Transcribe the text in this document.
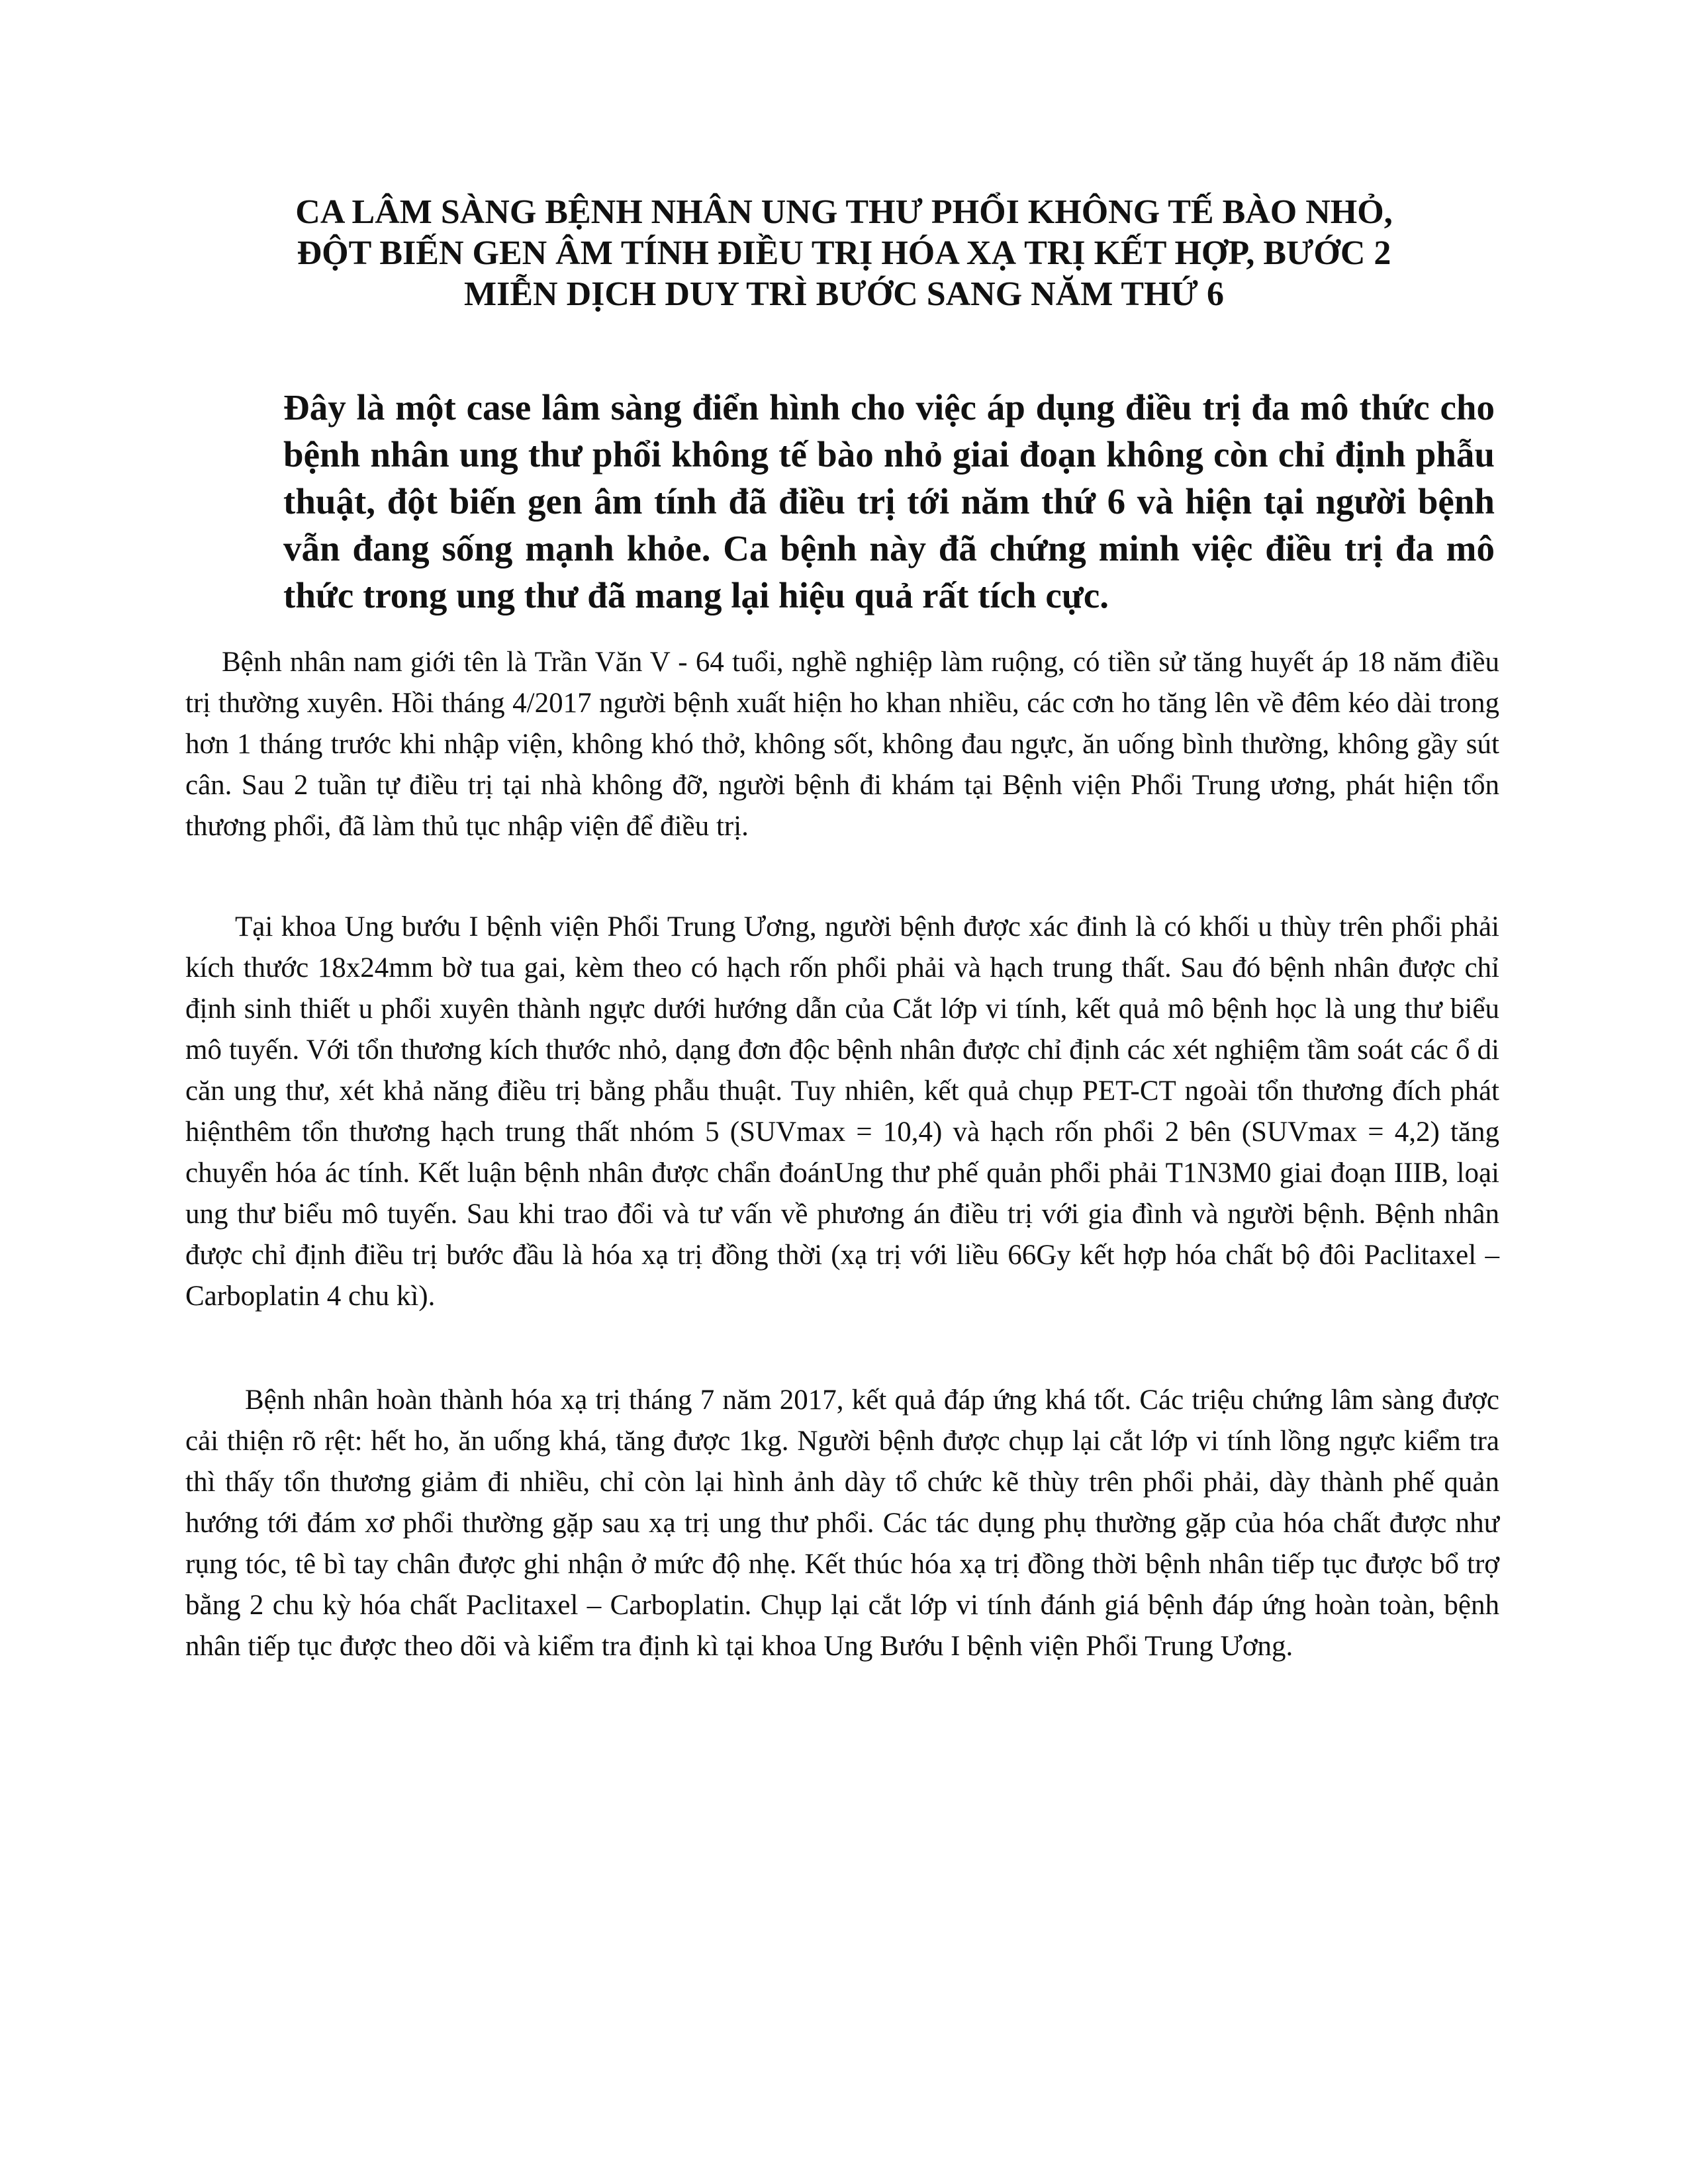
CA LÂM SÀNG BỆNH NHÂN UNG THƯ PHỔI KHÔNG TẾ BÀO NHỎ,
ĐỘT BIẾN GEN ÂM TÍNH ĐIỀU TRỊ HÓA XẠ TRỊ KẾT HỢP, BƯỚC 2
MIỄN DỊCH DUY TRÌ BƯỚC SANG NĂM THỨ 6

Đây là một case lâm sàng điển hình cho việc áp dụng điều trị đa mô thức cho bệnh nhân ung thư phổi không tế bào nhỏ giai đoạn không còn chỉ định phẫu thuật, đột biến gen âm tính đã điều trị tới năm thứ 6 và hiện tại người bệnh vẫn đang sống mạnh khỏe. Ca bệnh này đã chứng minh việc điều trị đa mô thức trong ung thư đã mang lại hiệu quả rất tích cực.

Bệnh nhân nam giới tên là Trần Văn V - 64 tuổi, nghề nghiệp làm ruộng, có tiền sử tăng huyết áp 18 năm điều trị thường xuyên. Hồi tháng 4/2017 người bệnh xuất hiện ho khan nhiều, các cơn ho tăng lên về đêm kéo dài trong hơn 1 tháng trước khi nhập viện, không khó thở, không sốt, không đau ngực, ăn uống bình thường, không gầy sút cân. Sau 2 tuần tự điều trị tại nhà không đỡ, người bệnh đi khám tại Bệnh viện Phổi Trung ương, phát hiện tổn thương phổi, đã làm thủ tục nhập viện để điều trị.

Tại khoa Ung bướu I bệnh viện Phổi Trung Ương, người bệnh được xác đinh là có khối u thùy trên phổi phải kích thước 18x24mm bờ tua gai, kèm theo có hạch rốn phổi phải và hạch trung thất. Sau đó bệnh nhân được chỉ định sinh thiết u phổi xuyên thành ngực dưới hướng dẫn của Cắt lớp vi tính, kết quả mô bệnh học là ung thư biểu mô tuyến. Với tổn thương kích thước nhỏ, dạng đơn độc bệnh nhân được chỉ định các xét nghiệm tầm soát các ổ di căn ung thư, xét khả năng điều trị bằng phẫu thuật. Tuy nhiên, kết quả chụp PET-CT ngoài tổn thương đích phát hiệnthêm tổn thương hạch trung thất nhóm 5 (SUVmax = 10,4) và hạch rốn phổi 2 bên (SUVmax = 4,2) tăng chuyển hóa ác tính. Kết luận bệnh nhân được chẩn đoánUng thư phế quản phổi phải T1N3M0 giai đoạn IIIB, loại ung thư biểu mô tuyến. Sau khi trao đổi và tư vấn về phương án điều trị với gia đình và người bệnh. Bệnh nhân được chỉ định điều trị bước đầu là hóa xạ trị đồng thời (xạ trị với liều 66Gy kết hợp hóa chất bộ đôi Paclitaxel – Carboplatin 4 chu kì).

Bệnh nhân hoàn thành hóa xạ trị tháng 7 năm 2017, kết quả đáp ứng khá tốt. Các triệu chứng lâm sàng được cải thiện rõ rệt: hết ho, ăn uống khá, tăng được 1kg. Người bệnh được chụp lại cắt lớp vi tính lồng ngực kiểm tra thì thấy tổn thương giảm đi nhiều, chỉ còn lại hình ảnh dày tổ chức kẽ thùy trên phổi phải, dày thành phế quản hướng tới đám xơ phổi thường gặp sau xạ trị ung thư phổi. Các tác dụng phụ thường gặp của hóa chất được như rụng tóc, tê bì tay chân được ghi nhận ở mức độ nhẹ. Kết thúc hóa xạ trị đồng thời bệnh nhân tiếp tục được bổ trợ bằng 2 chu kỳ hóa chất Paclitaxel – Carboplatin. Chụp lại cắt lớp vi tính đánh giá bệnh đáp ứng hoàn toàn, bệnh nhân tiếp tục được theo dõi và kiểm tra định kì tại khoa Ung Bướu I bệnh viện Phổi Trung Ương.
